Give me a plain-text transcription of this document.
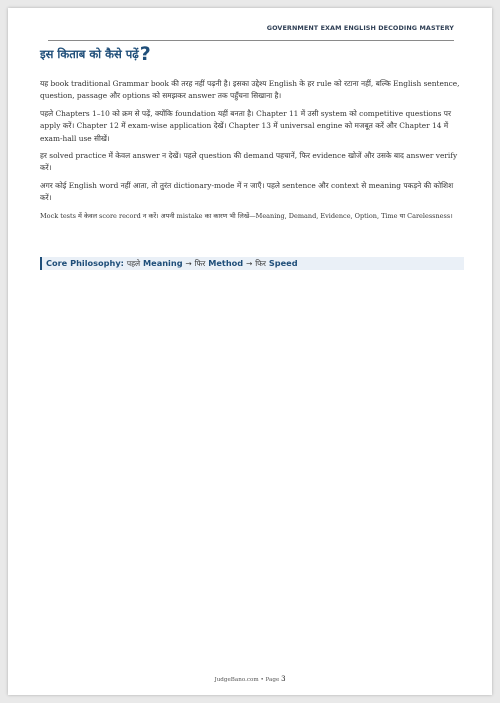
GOVERNMENT EXAM ENGLISH DECODING MASTERY
इस किताब को कैसे पढ़ें?

यह book traditional Grammar book की तरह नहीं पढ़नी है। इसका उद्देश्य English के हर rule को रटाना नहीं, बल्कि English sentence, question, passage और options को समझकर answer तक पहुँचना सिखाना है।

पहले Chapters 1–10 को क्रम से पढ़ें, क्योंकि foundation यहीं बनता है। Chapter 11 में उसी system को competitive questions पर apply करें। Chapter 12 में exam-wise application देखें। Chapter 13 में universal engine को मजबूत करें और Chapter 14 में exam-hall use सीखें।

हर solved practice में केवल answer न देखें। पहले question की demand पहचानें, फिर evidence खोजें और उसके बाद answer verify करें।

अगर कोई English word नहीं आता, तो तुरंत dictionary-mode में न जाएँ। पहले sentence और context से meaning पकड़ने की कोशिश करें।

Mock tests में केवल score record न करें। अपनी mistake का कारण भी लिखें—Meaning, Demand, Evidence, Option, Time या Carelessness।

Core Philosophy: पहले Meaning → फिर Method → फिर Speed
JudgeBano.com • Page 3
